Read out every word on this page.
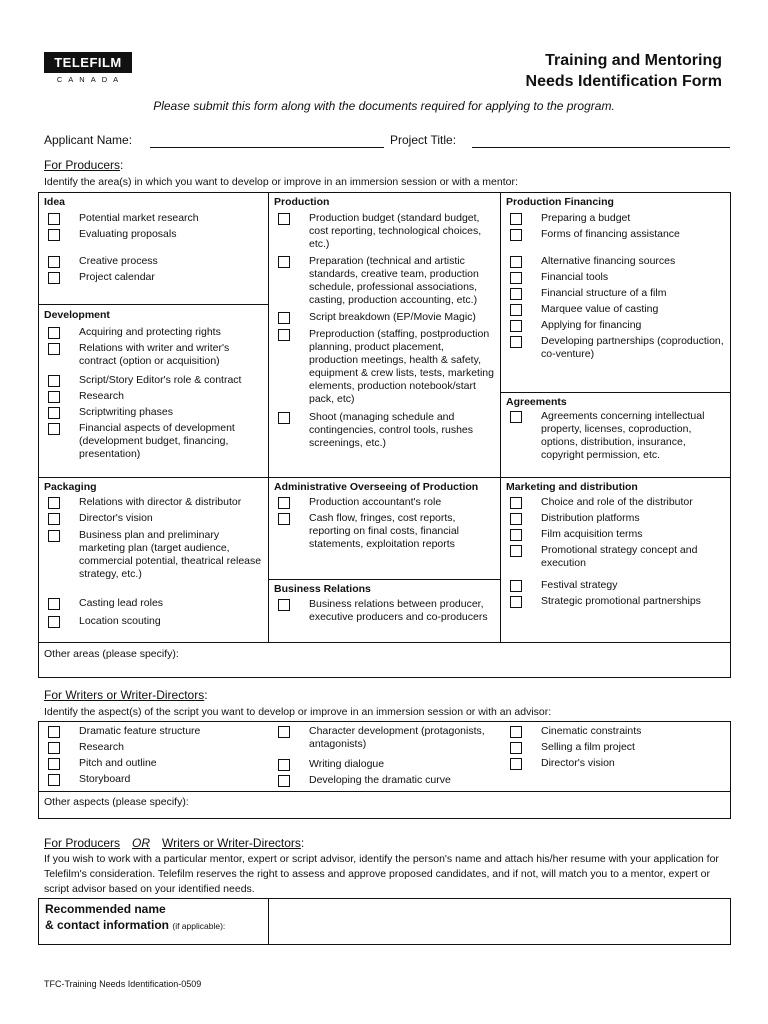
TELEFILM
CANADA
Training and Mentoring
Needs Identification Form
Please submit this form along with the documents required for applying to the program.
Applicant Name:	Project Title:
For Producers:
Identify the area(s) in which you want to develop or improve in an immersion session or with a mentor:
Idea
Potential market research
Evaluating proposals
Creative process
Project calendar
Development
Acquiring and protecting rights
Relations with writer and writer's contract (option or acquisition)
Script/Story Editor's role & contract
Research
Scriptwriting phases
Financial aspects of development (development budget, financing, presentation)
Production
Production budget (standard budget, cost reporting, technological choices, etc.)
Preparation (technical and artistic standards, creative team, production schedule, professional associations, casting, production accounting, etc.)
Script breakdown (EP/Movie Magic)
Preproduction (staffing, postproduction planning, product placement, production meetings, health & safety, equipment & crew lists, tests, marketing elements, production notebook/start pack, etc)
Shoot (managing schedule and contingencies, control tools, rushes screenings, etc.)
Production Financing
Preparing a budget
Forms of financing assistance
Alternative financing sources
Financial tools
Financial structure of a film
Marquee value of casting
Applying for financing
Developing partnerships (coproduction, co-venture)
Agreements
Agreements concerning intellectual property, licenses, coproduction, options, distribution, insurance, copyright permission, etc.
Packaging
Relations with director & distributor
Director's vision
Business plan and preliminary marketing plan (target audience, commercial potential, theatrical release strategy, etc.)
Casting lead roles
Location scouting
Administrative Overseeing of Production
Production accountant's role
Cash flow, fringes, cost reports, reporting on final costs, financial statements, exploitation reports
Business Relations
Business relations between producer, executive producers and co-producers
Marketing and distribution
Choice and role of the distributor
Distribution platforms
Film acquisition terms
Promotional strategy concept and execution
Festival strategy
Strategic promotional partnerships
Other areas (please specify):
For Writers or Writer-Directors:
Identify the aspect(s) of the script you want to develop or improve in an immersion session or with an advisor:
Dramatic feature structure
Research
Pitch and outline
Storyboard
Character development (protagonists, antagonists)
Writing dialogue
Developing the dramatic curve
Cinematic constraints
Selling a film project
Director's vision
Other aspects (please specify):
For Producers OR Writers or Writer-Directors:
If you wish to work with a particular mentor, expert or script advisor, identify the person's name and attach his/her resume with your application for Telefilm's consideration. Telefilm reserves the right to assess and approve proposed candidates, and if not, will match you to a mentor, expert or script advisor based on your identified needs.
Recommended name
& contact information (if applicable):
TFC-Training Needs Identification-0509
